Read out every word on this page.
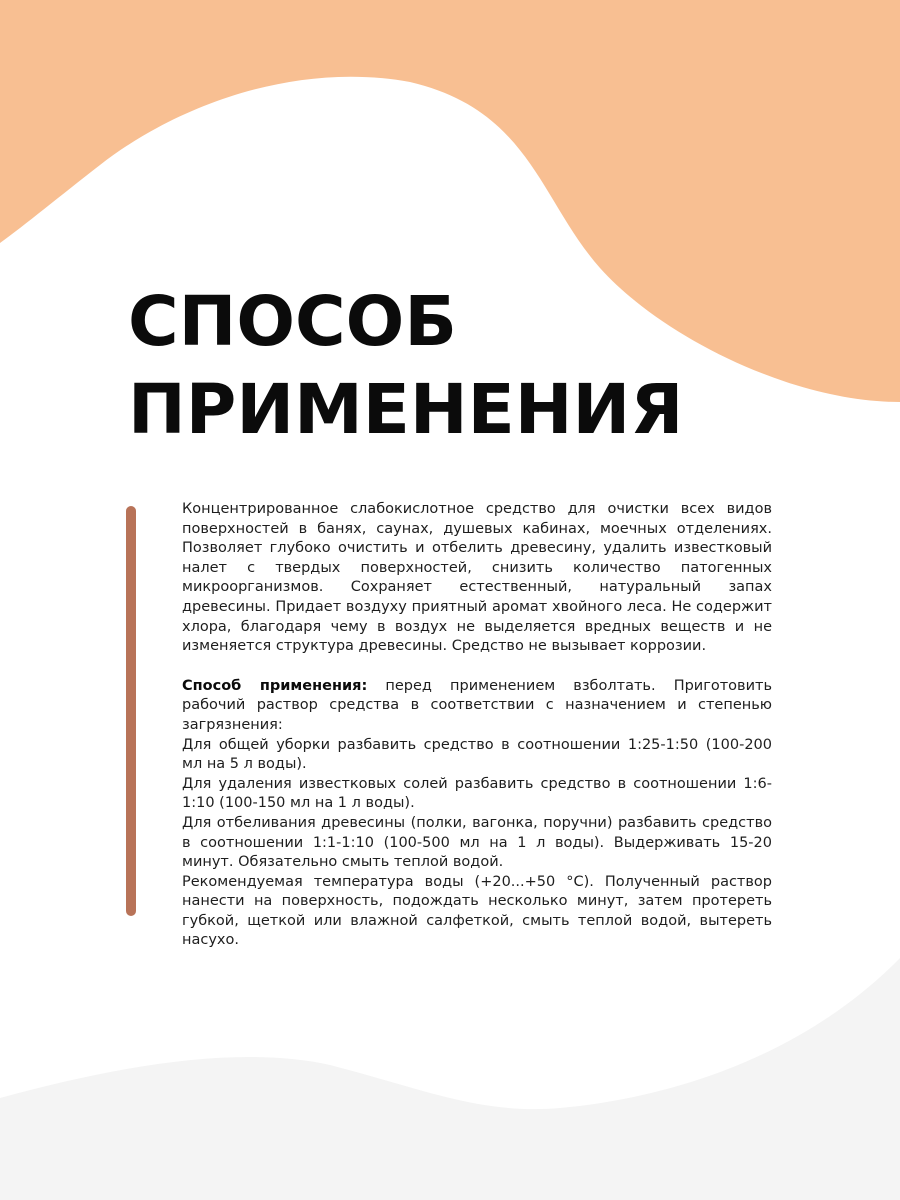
СПОСОБ
ПРИМЕНЕНИЯ

Концентрированное слабокислотное средство для очистки всех видов поверхностей в банях, саунах, душевых кабинах, моечных отделениях. Позволяет глубоко очистить и отбелить древесину, удалить известковый налет с твердых поверхностей, снизить количество патогенных микроорганизмов. Сохраняет естественный, натуральный запах древесины. Придает воздуху приятный аромат хвойного леса. Не содержит хлора, благодаря чему в воздух не выделяется вредных веществ и не изменяется структура древесины. Средство не вызывает коррозии.

Способ применения: перед применением взболтать. Приготовить рабочий раствор средства в соответствии с назначением и степенью загрязнения:

Для общей уборки разбавить средство в соотношении 1:25-1:50 (100-200 мл на 5 л воды).

Для удаления известковых солей разбавить средство в соотношении 1:6-1:10 (100-150 мл на 1 л воды).

Для отбеливания древесины (полки, вагонка, поручни) разбавить средство в соотношении 1:1-1:10 (100-500 мл на 1 л воды). Выдерживать 15-20 минут. Обязательно смыть теплой водой.

Рекомендуемая температура воды (+20...+50 °С). Полученный раствор нанести на поверхность, подождать несколько минут, затем протереть губкой, щеткой или влажной салфеткой, смыть теплой водой, вытереть насухо.
